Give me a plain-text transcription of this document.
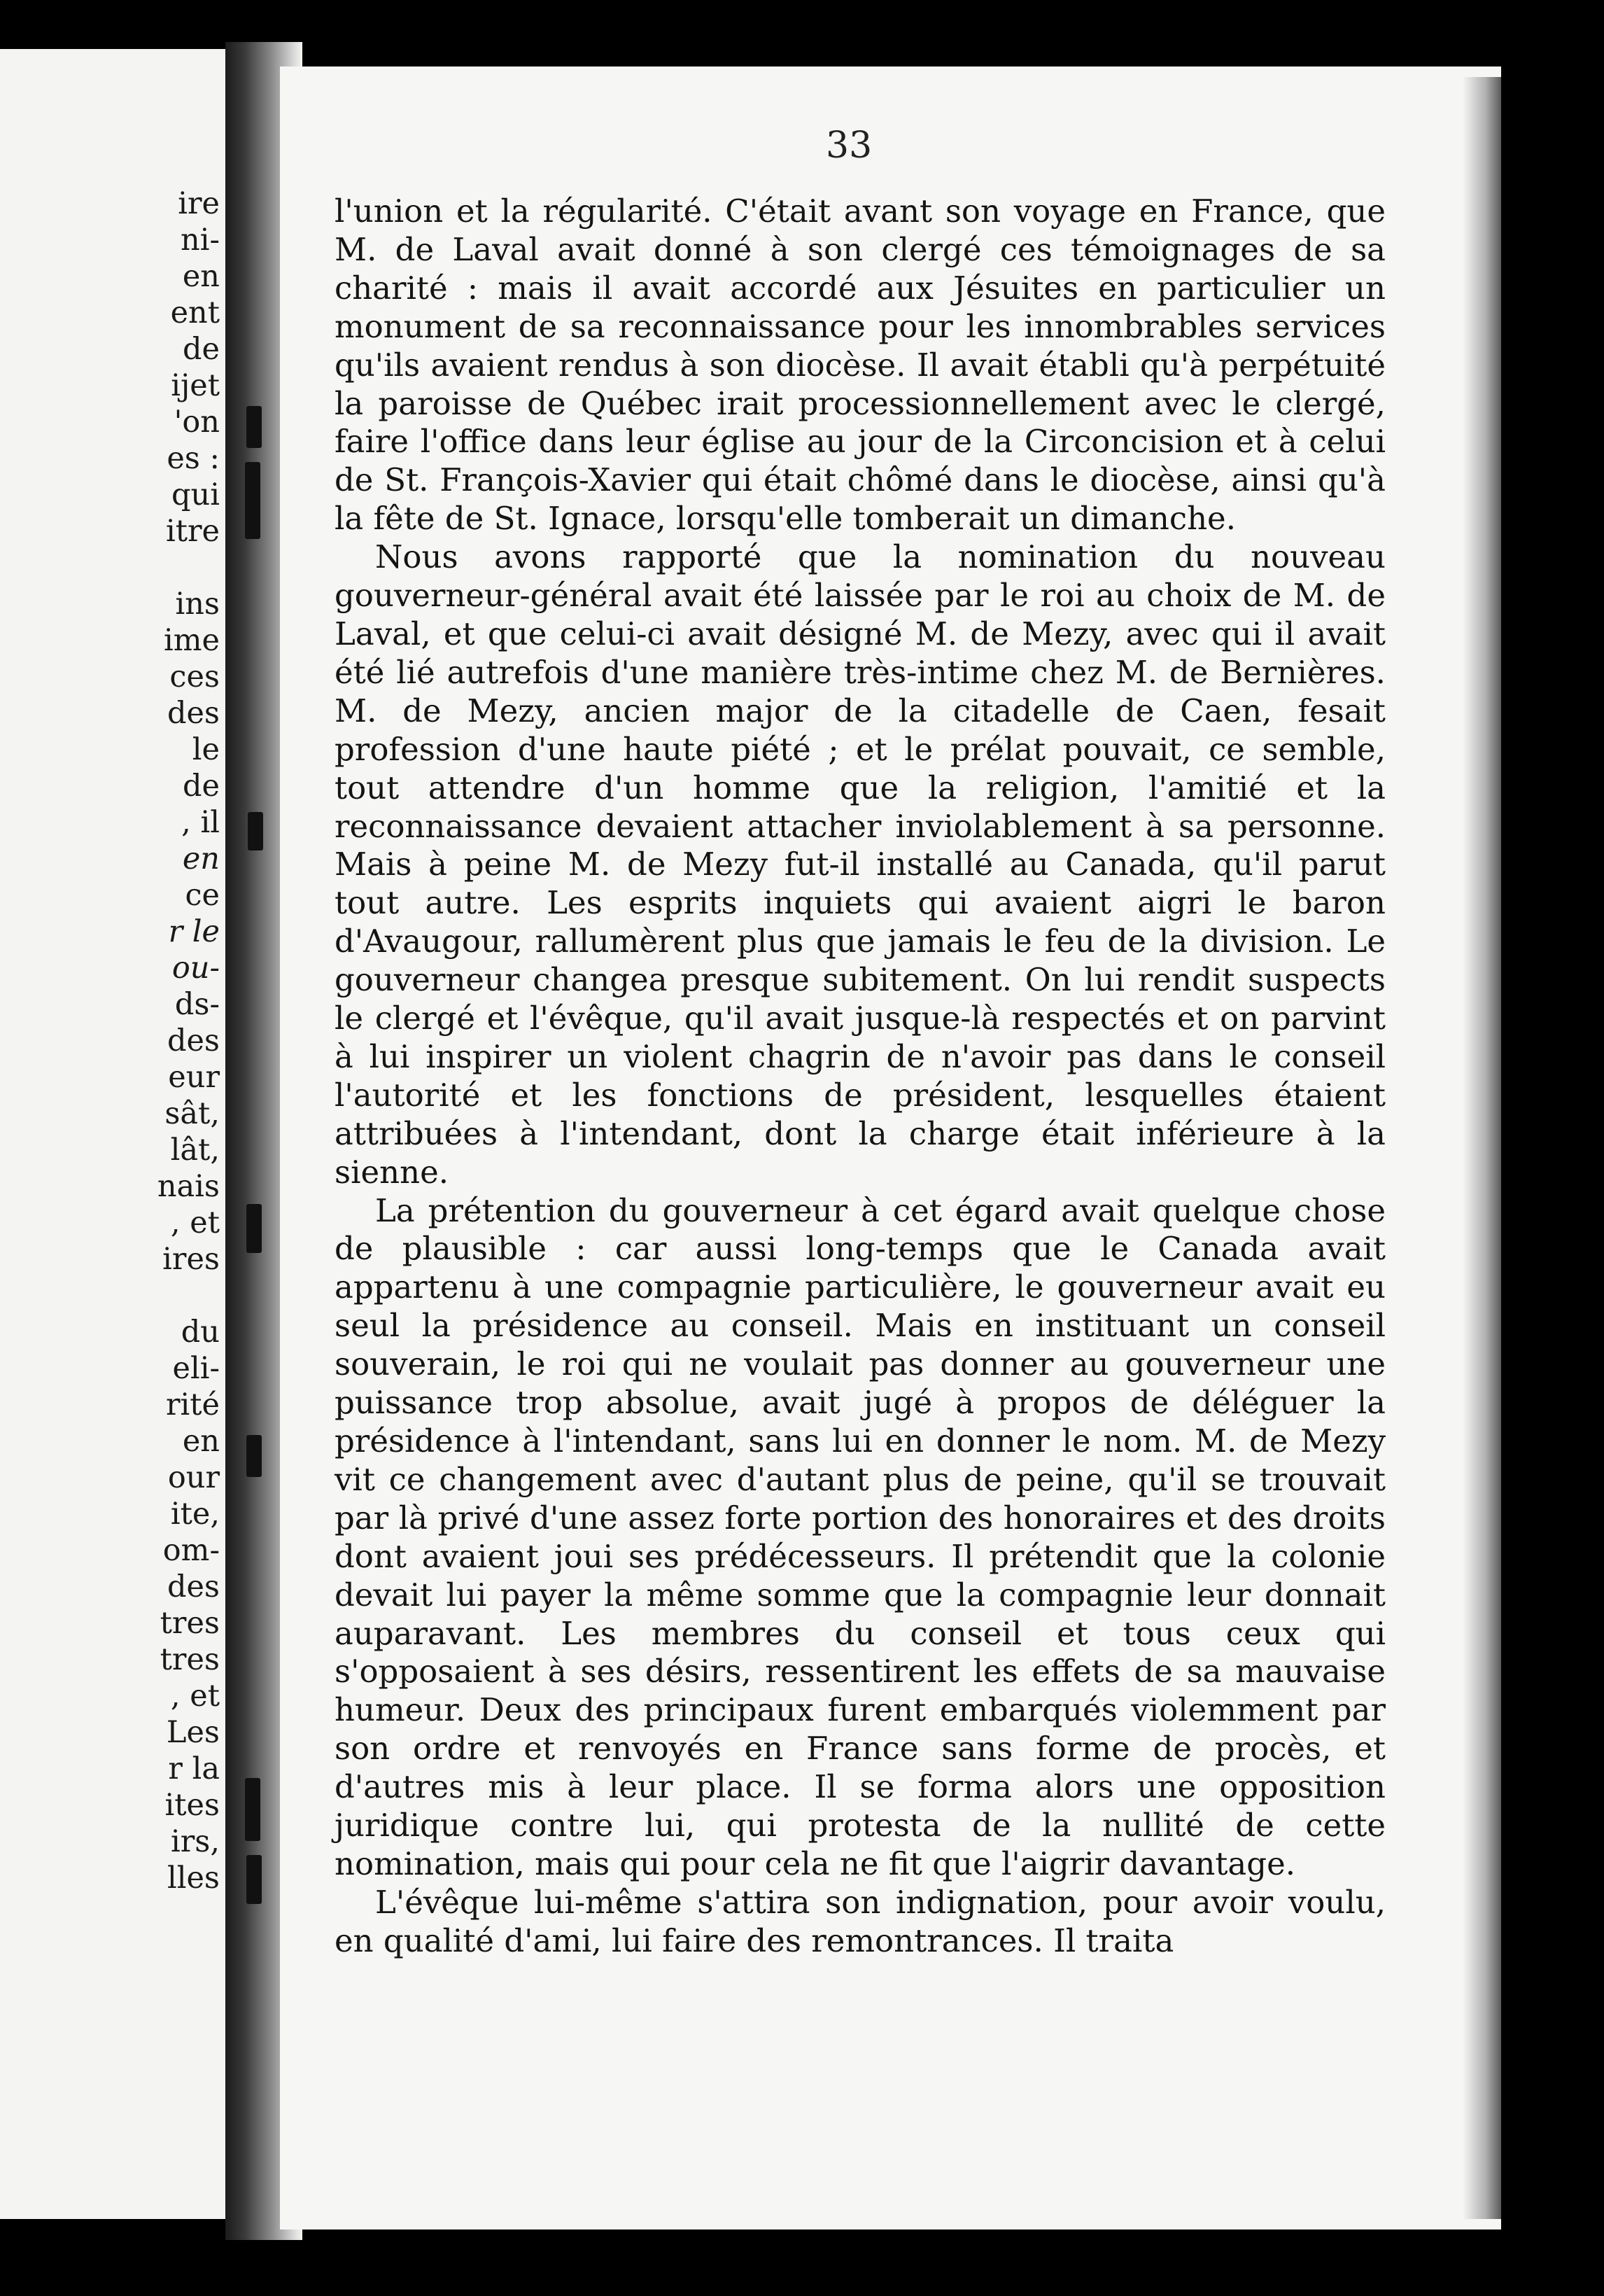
ire
ni-
en
ent
de
ijet
'on
es :
qui
itre
ins
ime
ces
des
le
de
, il
en
ce
r le
ou-
ds-
des
eur
sât,
lât,
nais
, et
ires
du
eli-
rité
en
our
ite,
om-
des
tres
tres
, et
Les
r la
ites
irs,
lles
33

l'union et la régularité. C'était avant son voyage en France, que M. de Laval avait donné à son clergé ces témoignages de sa charité : mais il avait accordé aux Jésuites en particulier un monument de sa reconnaissance pour les innombrables services qu'ils avaient rendus à son diocèse. Il avait établi qu'à perpétuité la paroisse de Québec irait processionnellement avec le clergé, faire l'office dans leur église au jour de la Circoncision et à celui de St. François-Xavier qui était chômé dans le diocèse, ainsi qu'à la fête de St. Ignace, lorsqu'elle tomberait un dimanche.

Nous avons rapporté que la nomination du nouveau gouverneur-général avait été laissée par le roi au choix de M. de Laval, et que celui-ci avait désigné M. de Mezy, avec qui il avait été lié autrefois d'une manière très-intime chez M. de Bernières. M. de Mezy, ancien major de la citadelle de Caen, fesait profession d'une haute piété ; et le prélat pouvait, ce semble, tout attendre d'un homme que la religion, l'amitié et la reconnaissance devaient attacher inviolablement à sa personne. Mais à peine M. de Mezy fut-il installé au Canada, qu'il parut tout autre. Les esprits inquiets qui avaient aigri le baron d'Avaugour, rallumèrent plus que jamais le feu de la division. Le gouverneur changea presque subitement. On lui rendit suspects le clergé et l'évêque, qu'il avait jusque-là respectés et on parvint à lui inspirer un violent chagrin de n'avoir pas dans le conseil l'autorité et les fonctions de président, lesquelles étaient attribuées à l'intendant, dont la charge était inférieure à la sienne.

La prétention du gouverneur à cet égard avait quelque chose de plausible : car aussi long-temps que le Canada avait appartenu à une compagnie particulière, le gouverneur avait eu seul la présidence au conseil. Mais en instituant un conseil souverain, le roi qui ne voulait pas donner au gouverneur une puissance trop absolue, avait jugé à propos de déléguer la présidence à l'intendant, sans lui en donner le nom. M. de Mezy vit ce changement avec d'autant plus de peine, qu'il se trouvait par là privé d'une assez forte portion des honoraires et des droits dont avaient joui ses prédécesseurs. Il prétendit que la colonie devait lui payer la même somme que la compagnie leur donnait auparavant. Les membres du conseil et tous ceux qui s'opposaient à ses désirs, ressentirent les effets de sa mauvaise humeur. Deux des principaux furent embarqués violemment par son ordre et renvoyés en France sans forme de procès, et d'autres mis à leur place. Il se forma alors une opposition juridique contre lui, qui protesta de la nullité de cette nomination, mais qui pour cela ne fit que l'aigrir davantage.

L'évêque lui-même s'attira son indignation, pour avoir voulu, en qualité d'ami, lui faire des remontrances. Il traita
